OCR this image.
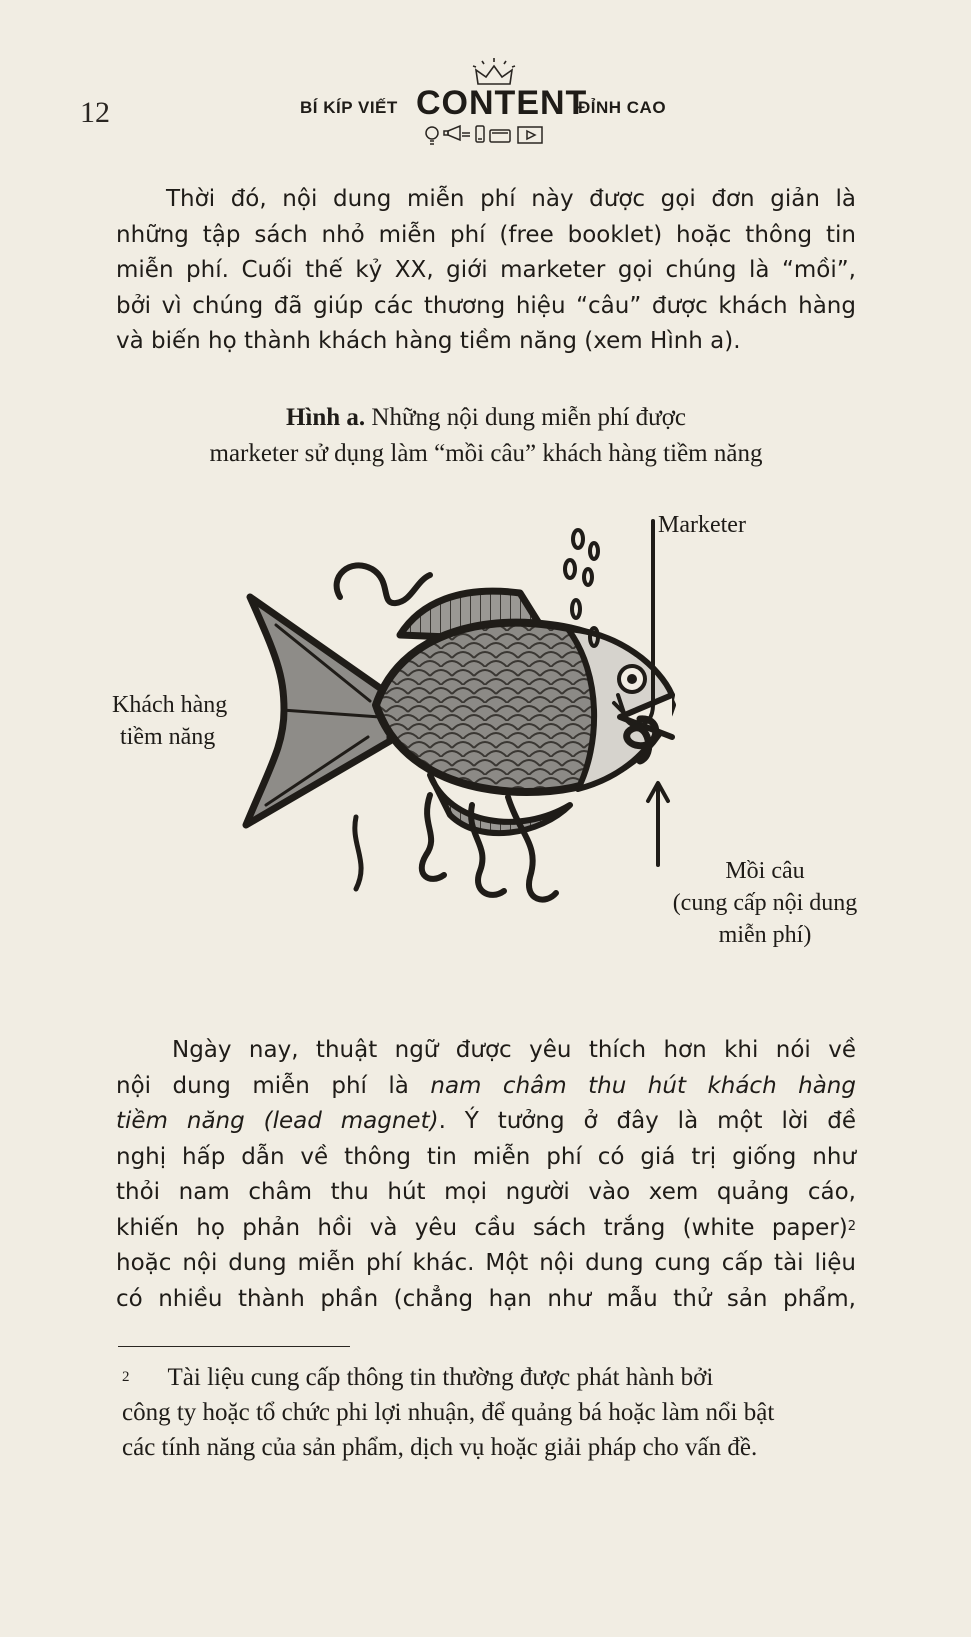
12	BÍ KÍP VIẾT CONTENT
ĐỈNH CAO
Thời đó, nội dung miễn phí này được gọi đơn giản là
những tập sách nhỏ miễn phí (free booklet) hoặc thông tin
miễn phí. Cuối thế kỷ XX, giới marketer gọi chúng là “mồi”,
bởi vì chúng đã giúp các thương hiệu “câu” được khách hàng
và biến họ thành khách hàng tiềm năng (xem Hình a).
Hình a. Những nội dung miễn phí được
marketer sử dụng làm “mồi câu” khách hàng tiềm năng
Marketer
Khách hàng
tiềm năng
Mồi câu
(cung cấp nội dung
miễn phí)
Ngày nay, thuật ngữ được yêu thích hơn khi nói về
nội dung miễn phí là nam châm thu hút khách hàng
tiềm năng (lead magnet). Ý tưởng ở đây là một lời đề
nghị hấp dẫn về thông tin miễn phí có giá trị giống như
thỏi nam châm thu hút mọi người vào xem quảng cáo,
khiến họ phản hồi và yêu cầu sách trắng (white paper)$^2$
hoặc nội dung miễn phí khác. Một nội dung cung cấp tài liệu
có nhiều thành phần (chẳng hạn như mẫu thử sản phẩm,
$^2$ Tài liệu cung cấp thông tin thường được phát hành bởi
công ty hoặc tổ chức phi lợi nhuận, để quảng bá hoặc làm nổi bật
các tính năng của sản phẩm, dịch vụ hoặc giải pháp cho vấn đề.
